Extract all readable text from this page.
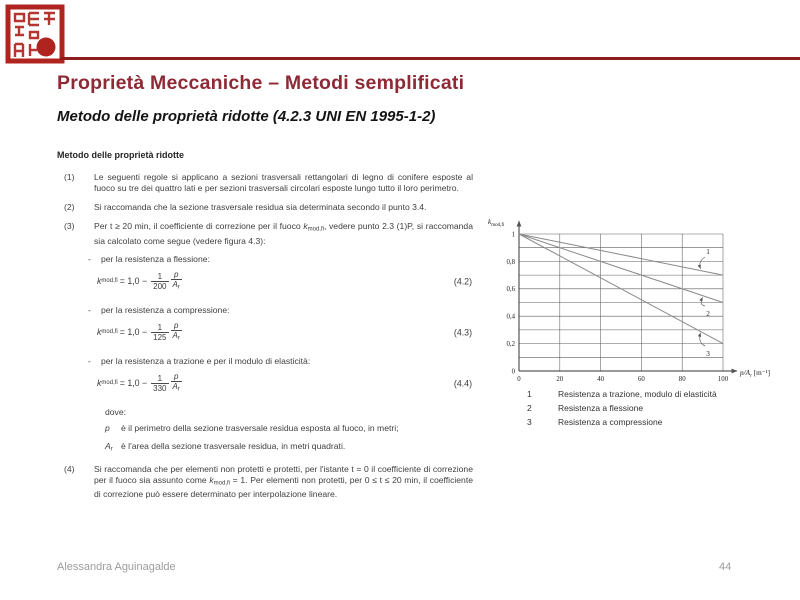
Proprietà Meccaniche – Metodi semplificati
Metodo delle proprietà ridotte (4.2.3 UNI EN 1995-1-2)
Metodo delle proprietà ridotte
(1)	Le seguenti regole si applicano a sezioni trasversali rettangolari di legno di conifere esposte al fuoco su tre dei quattro lati e per sezioni trasversali circolari esposte lungo tutto il loro perimetro.
(2)	Si raccomanda che la sezione trasversale residua sia determinata secondo il punto 3.4.
(3)	Per t ≥ 20 min, il coefficiente di correzione per il fuoco $k_{mod,fi}$, vedere punto 2.3 (1)P, si raccomanda sia calcolato come segue (vedere figura 4.3):
-	per la resistenza a flessione:
k $mod,fi = 1,0 - \frac{1}{200} \frac{p}{A_r}$	(4.2)
-	per la resistenza a compressione:
k $mod,fi = 1,0 - \frac{1}{125} \frac{p}{A_r}$	(4.3)
-	per la resistenza a trazione e per il modulo di elasticità:
k $mod,fi = 1,0 - \frac{1}{330} \frac{p}{A_r}$	(4.4)
dove:
p	è il perimetro della sezione trasversale residua esposta al fuoco, in metri;
$A_r$ è l'area della sezione trasversale residua, in metri quadrati.
(4)	Si raccomanda che per elementi non protetti e protetti, per l'istante t = 0 il coefficiente di correzione per il fuoco sia assunto come $k_{mod,fi} = 1$. Per elementi non protetti, per 0 ≤ t ≤ 20 min, il coefficiente di correzione può essere determinato per interpolazione lineare.
$k_{mod,fi}$
$p/A_r$ [m⁻¹]
0	20	40	60	80	100
0
0,2
0,4
0,6
0,8
1
1
2
3
1	Resistenza a trazione, modulo di elasticità
2	Resistenza a flessione
3	Resistenza a compressione
Alessandra Aguinagalde	44
